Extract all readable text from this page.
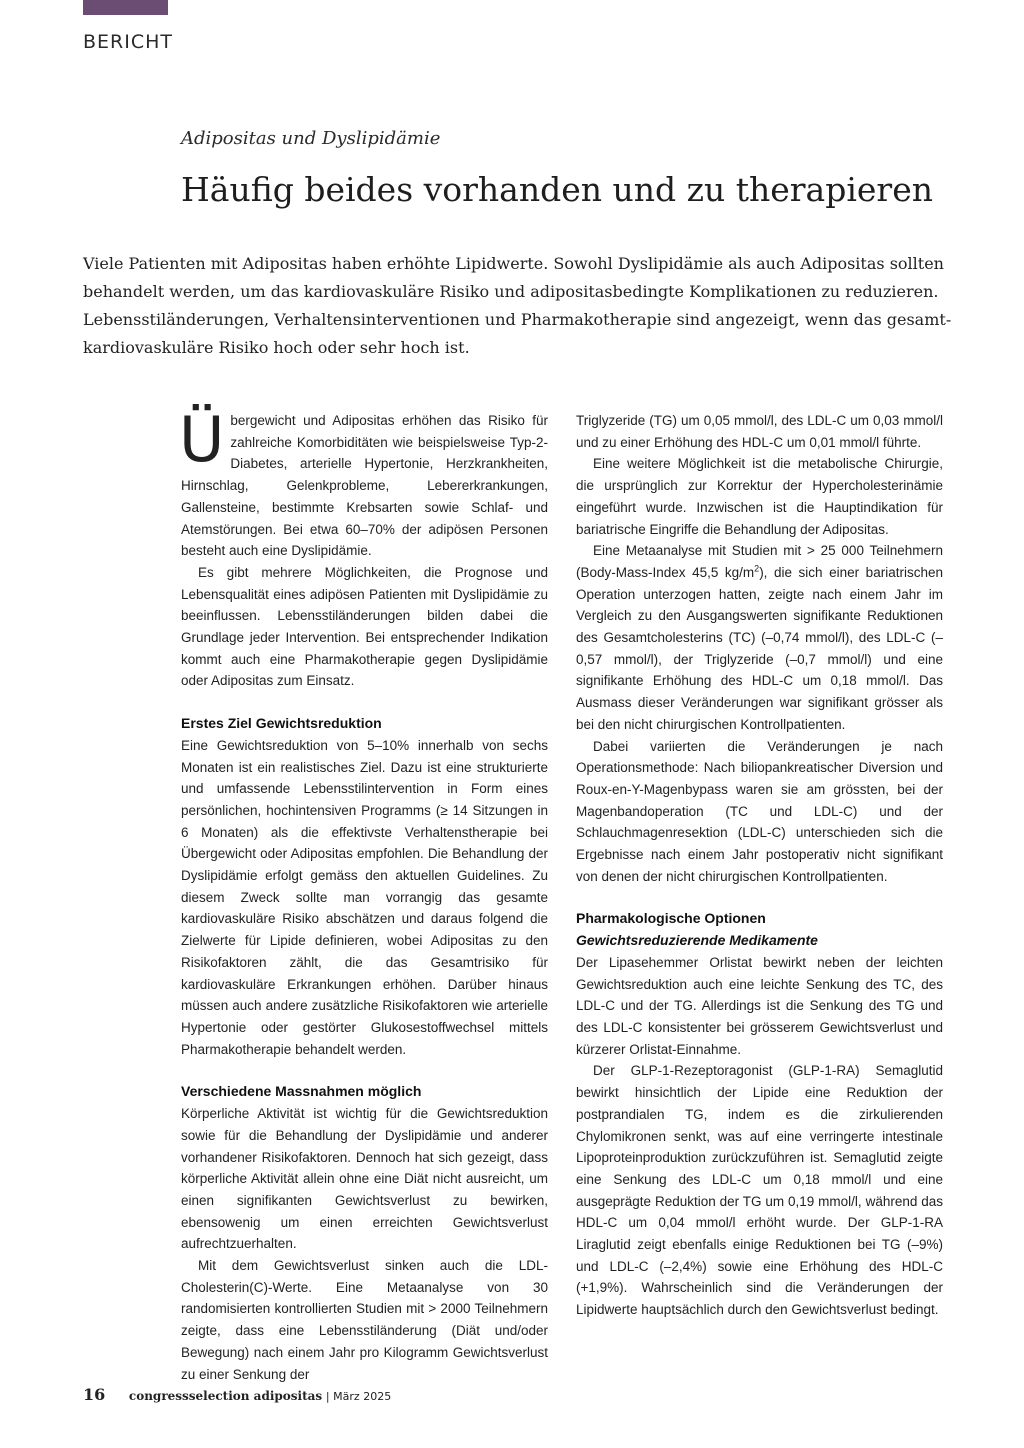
BERICHT
Adipositas und Dyslipidämie
Häufig beides vorhanden und zu therapieren

Viele Patienten mit Adipositas haben erhöhte Lipidwerte. Sowohl Dyslipidämie als auch Adipositas sollten behandelt werden, um das kardiovaskuläre Risiko und adipositasbedingte Komplikationen zu reduzieren. Lebensstiländerungen, Verhaltensinterventionen und Pharmakotherapie sind angezeigt, wenn das gesamt-kardiovaskuläre Risiko hoch oder sehr hoch ist.

Übergewicht und Adipositas erhöhen das Risiko für zahlreiche Komorbiditäten wie beispielsweise Typ-2-Diabetes, arterielle Hypertonie, Herzkrankheiten, Hirnschlag, Gelenkprobleme, Lebererkrankungen, Gallensteine, bestimmte Krebsarten sowie Schlaf- und Atemstörungen. Bei etwa 60–70% der adipösen Personen besteht auch eine Dyslipidämie.

Es gibt mehrere Möglichkeiten, die Prognose und Lebensqualität eines adipösen Patienten mit Dyslipidämie zu beeinflussen. Lebensstiländerungen bilden dabei die Grundlage jeder Intervention. Bei entsprechender Indikation kommt auch eine Pharmakotherapie gegen Dyslipidämie oder Adipositas zum Einsatz.

Erstes Ziel Gewichtsreduktion

Eine Gewichtsreduktion von 5–10% innerhalb von sechs Monaten ist ein realistisches Ziel. Dazu ist eine strukturierte und umfassende Lebensstilintervention in Form eines persönlichen, hochintensiven Programms (≥ 14 Sitzungen in 6 Monaten) als die effektivste Verhaltenstherapie bei Übergewicht oder Adipositas empfohlen. Die Behandlung der Dyslipidämie erfolgt gemäss den aktuellen Guidelines. Zu diesem Zweck sollte man vorrangig das gesamte kardiovaskuläre Risiko abschätzen und daraus folgend die Zielwerte für Lipide definieren, wobei Adipositas zu den Risikofaktoren zählt, die das Gesamtrisiko für kardiovaskuläre Erkrankungen erhöhen. Darüber hinaus müssen auch andere zusätzliche Risikofaktoren wie arterielle Hypertonie oder gestörter Glukosestoffwechsel mittels Pharmakotherapie behandelt werden.

Verschiedene Massnahmen möglich

Körperliche Aktivität ist wichtig für die Gewichtsreduktion sowie für die Behandlung der Dyslipidämie und anderer vorhandener Risikofaktoren. Dennoch hat sich gezeigt, dass körperliche Aktivität allein ohne eine Diät nicht ausreicht, um einen signifikanten Gewichtsverlust zu bewirken, ebensowenig um einen erreichten Gewichtsverlust aufrechtzuerhalten.

Mit dem Gewichtsverlust sinken auch die LDL-Cholesterin(C)-Werte. Eine Metaanalyse von 30 randomisierten kontrollierten Studien mit > 2000 Teilnehmern zeigte, dass eine Lebensstiländerung (Diät und/oder Bewegung) nach einem Jahr pro Kilogramm Gewichtsverlust zu einer Senkung der

Triglyzeride (TG) um 0,05 mmol/l, des LDL-C um 0,03 mmol/l und zu einer Erhöhung des HDL-C um 0,01 mmol/l führte.

Eine weitere Möglichkeit ist die metabolische Chirurgie, die ursprünglich zur Korrektur der Hypercholesterinämie eingeführt wurde. Inzwischen ist die Hauptindikation für bariatrische Eingriffe die Behandlung der Adipositas.

Eine Metaanalyse mit Studien mit > 25 000 Teilnehmern (Body-Mass-Index 45,5 $kg/m^2$), die sich einer bariatrischen Operation unterzogen hatten, zeigte nach einem Jahr im Vergleich zu den Ausgangswerten signifikante Reduktionen des Gesamtcholesterins (TC) (–0,74 mmol/l), des LDL-C (–0,57 mmol/l), der Triglyzeride (–0,7 mmol/l) und eine signifikante Erhöhung des HDL-C um 0,18 mmol/l. Das Ausmass dieser Veränderungen war signifikant grösser als bei den nicht chirurgischen Kontrollpatienten.

Dabei variierten die Veränderungen je nach Operationsmethode: Nach biliopankreatischer Diversion und Roux-en-Y-Magenbypass waren sie am grössten, bei der Magenbandoperation (TC und LDL-C) und der Schlauchmagenresektion (LDL-C) unterschieden sich die Ergebnisse nach einem Jahr postoperativ nicht signifikant von denen der nicht chirurgischen Kontrollpatienten.

Pharmakologische Optionen
Gewichtsreduzierende Medikamente

Der Lipasehemmer Orlistat bewirkt neben der leichten Gewichtsreduktion auch eine leichte Senkung des TC, des LDL-C und der TG. Allerdings ist die Senkung des TG und des LDL-C konsistenter bei grösserem Gewichtsverlust und kürzerer Orlistat-Einnahme.

Der GLP-1-Rezeptoragonist (GLP-1-RA) Semaglutid bewirkt hinsichtlich der Lipide eine Reduktion der postprandialen TG, indem es die zirkulierenden Chylomikronen senkt, was auf eine verringerte intestinale Lipoproteinproduktion zurückzuführen ist. Semaglutid zeigte eine Senkung des LDL-C um 0,18 mmol/l und eine ausgeprägte Reduktion der TG um 0,19 mmol/l, während das HDL-C um 0,04 mmol/l erhöht wurde. Der GLP-1-RA Liraglutid zeigt ebenfalls einige Reduktionen bei TG (–9%) und LDL-C (–2,4%) sowie eine Erhöhung des HDL-C (+1,9%). Wahrscheinlich sind die Veränderungen der Lipidwerte hauptsächlich durch den Gewichtsverlust bedingt.

16 congressselection adipositas | März 2025
